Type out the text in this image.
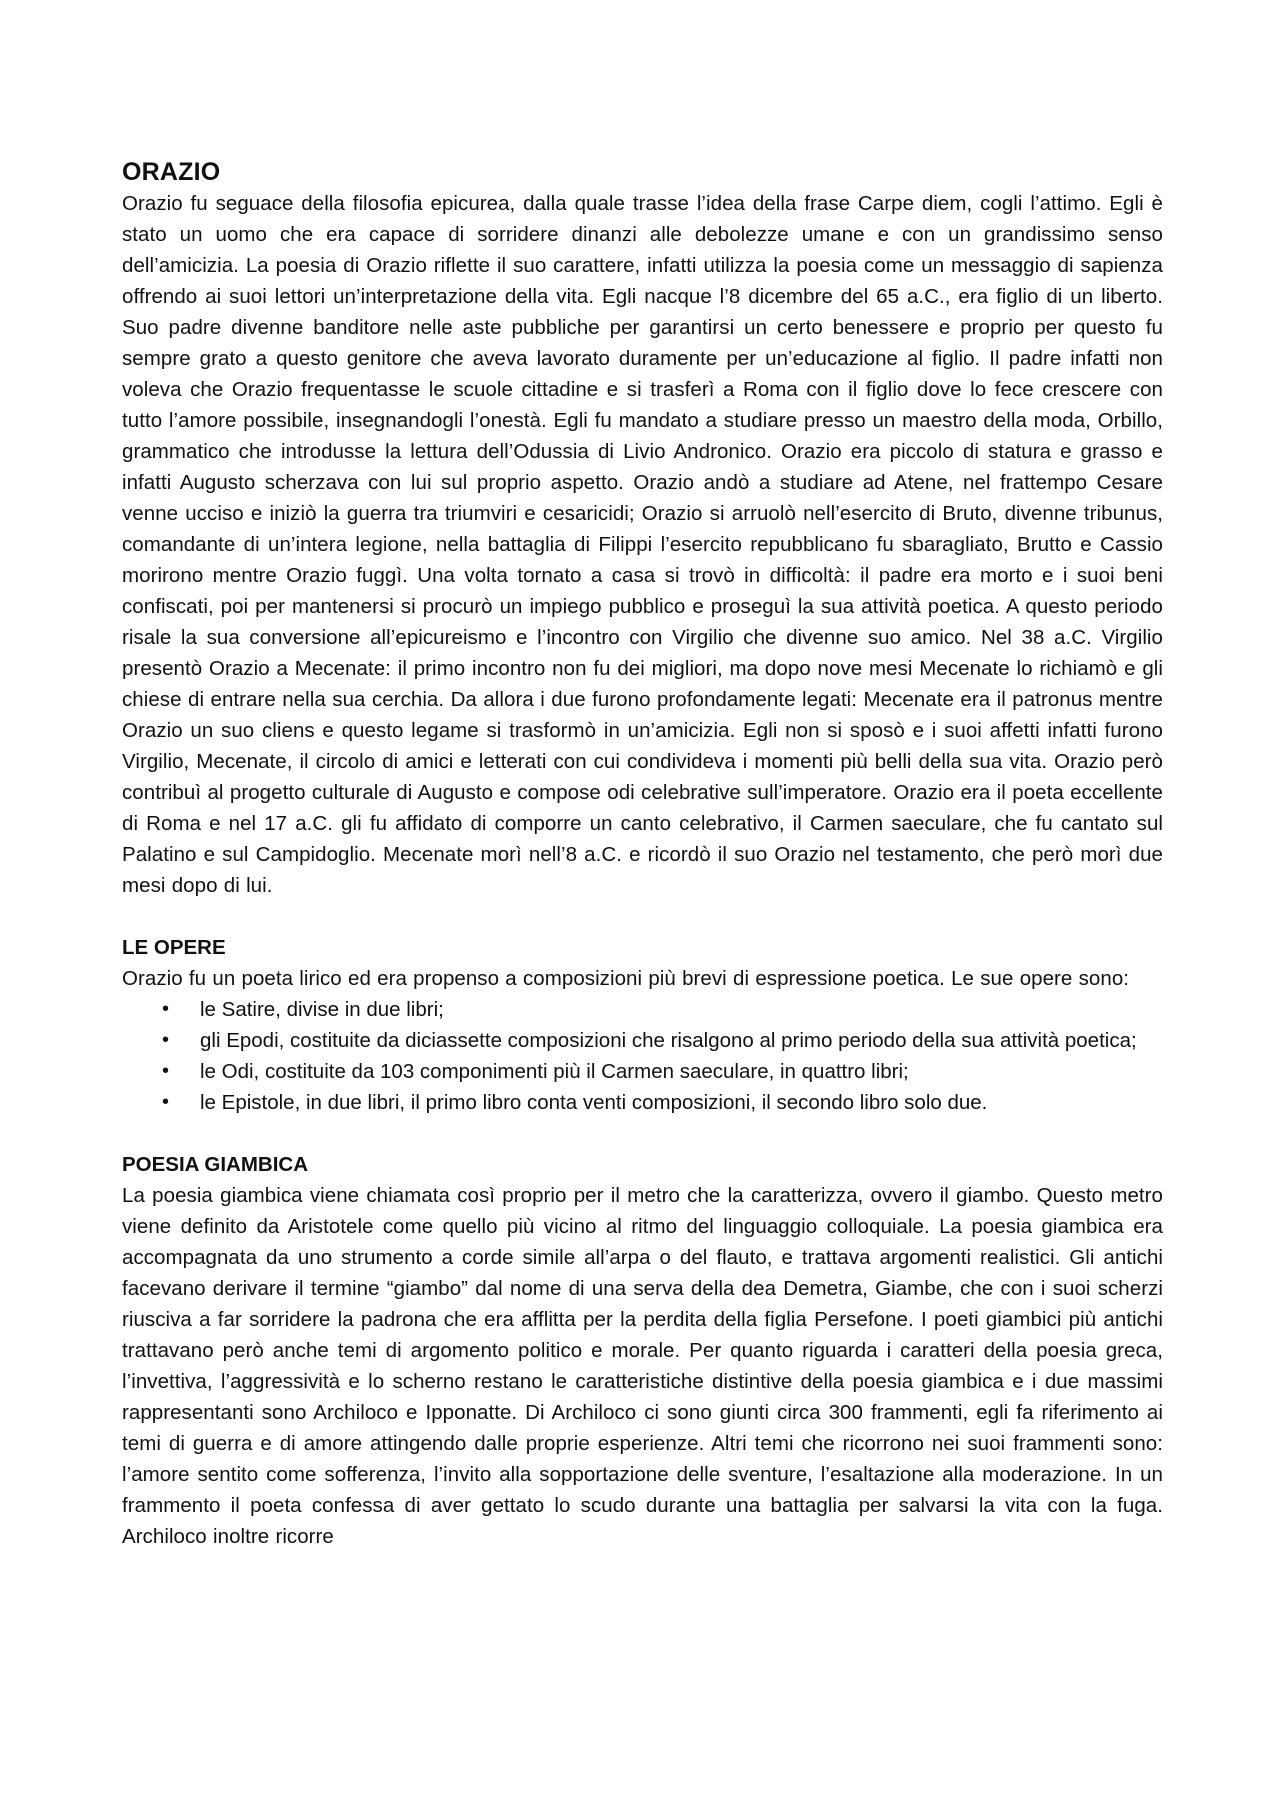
ORAZIO

Orazio fu seguace della filosofia epicurea, dalla quale trasse l’idea della frase Carpe diem, cogli l’attimo. Egli è stato un uomo che era capace di sorridere dinanzi alle debolezze umane e con un grandissimo senso dell’amicizia. La poesia di Orazio riflette il suo carattere, infatti utilizza la poesia come un messaggio di sapienza offrendo ai suoi lettori un’interpretazione della vita. Egli nacque l’8 dicembre del 65 a.C., era figlio di un liberto. Suo padre divenne banditore nelle aste pubbliche per garantirsi un certo benessere e proprio per questo fu sempre grato a questo genitore che aveva lavorato duramente per un’educazione al figlio. Il padre infatti non voleva che Orazio frequentasse le scuole cittadine e si trasferì a Roma con il figlio dove lo fece crescere con tutto l’amore possibile, insegnandogli l’onestà. Egli fu mandato a studiare presso un maestro della moda, Orbillo, grammatico che introdusse la lettura dell’Odussia di Livio Andronico. Orazio era piccolo di statura e grasso e infatti Augusto scherzava con lui sul proprio aspetto. Orazio andò a studiare ad Atene, nel frattempo Cesare venne ucciso e iniziò la guerra tra triumviri e cesaricidi; Orazio si arruolò nell’esercito di Bruto, divenne tribunus, comandante di un’intera legione, nella battaglia di Filippi l’esercito repubblicano fu sbaragliato, Brutto e Cassio morirono mentre Orazio fuggì. Una volta tornato a casa si trovò in difficoltà: il padre era morto e i suoi beni confiscati, poi per mantenersi si procurò un impiego pubblico e proseguì la sua attività poetica. A questo periodo risale la sua conversione all’epicureismo e l’incontro con Virgilio che divenne suo amico. Nel 38 a.C. Virgilio presentò Orazio a Mecenate: il primo incontro non fu dei migliori, ma dopo nove mesi Mecenate lo richiamò e gli chiese di entrare nella sua cerchia. Da allora i due furono profondamente legati: Mecenate era il patronus mentre Orazio un suo cliens e questo legame si trasformò in un’amicizia. Egli non si sposò e i suoi affetti infatti furono Virgilio, Mecenate, il circolo di amici e letterati con cui condivideva i momenti più belli della sua vita. Orazio però contribuì al progetto culturale di Augusto e compose odi celebrative sull’imperatore. Orazio era il poeta eccellente di Roma e nel 17 a.C. gli fu affidato di comporre un canto celebrativo, il Carmen saeculare, che fu cantato sul Palatino e sul Campidoglio. Mecenate morì nell’8 a.C. e ricordò il suo Orazio nel testamento, che però morì due mesi dopo di lui.

LE OPERE

Orazio fu un poeta lirico ed era propenso a composizioni più brevi di espressione poetica. Le sue opere sono:

• le Satire, divise in due libri;
• gli Epodi, costituite da diciassette composizioni che risalgono al primo periodo della sua attività poetica;
• le Odi, costituite da 103 componimenti più il Carmen saeculare, in quattro libri;
• le Epistole, in due libri, il primo libro conta venti composizioni, il secondo libro solo due.
POESIA GIAMBICA

La poesia giambica viene chiamata così proprio per il metro che la caratterizza, ovvero il giambo. Questo metro viene definito da Aristotele come quello più vicino al ritmo del linguaggio colloquiale. La poesia giambica era accompagnata da uno strumento a corde simile all’arpa o del flauto, e trattava argomenti realistici. Gli antichi facevano derivare il termine “giambo” dal nome di una serva della dea Demetra, Giambe, che con i suoi scherzi riusciva a far sorridere la padrona che era afflitta per la perdita della figlia Persefone. I poeti giambici più antichi trattavano però anche temi di argomento politico e morale. Per quanto riguarda i caratteri della poesia greca, l’invettiva, l’aggressività e lo scherno restano le caratteristiche distintive della poesia giambica e i due massimi rappresentanti sono Archiloco e Ipponatte. Di Archiloco ci sono giunti circa 300 frammenti, egli fa riferimento ai temi di guerra e di amore attingendo dalle proprie esperienze. Altri temi che ricorrono nei suoi frammenti sono: l’amore sentito come sofferenza, l’invito alla sopportazione delle sventure, l’esaltazione alla moderazione. In un frammento il poeta confessa di aver gettato lo scudo durante una battaglia per salvarsi la vita con la fuga. Archiloco inoltre ricorre
